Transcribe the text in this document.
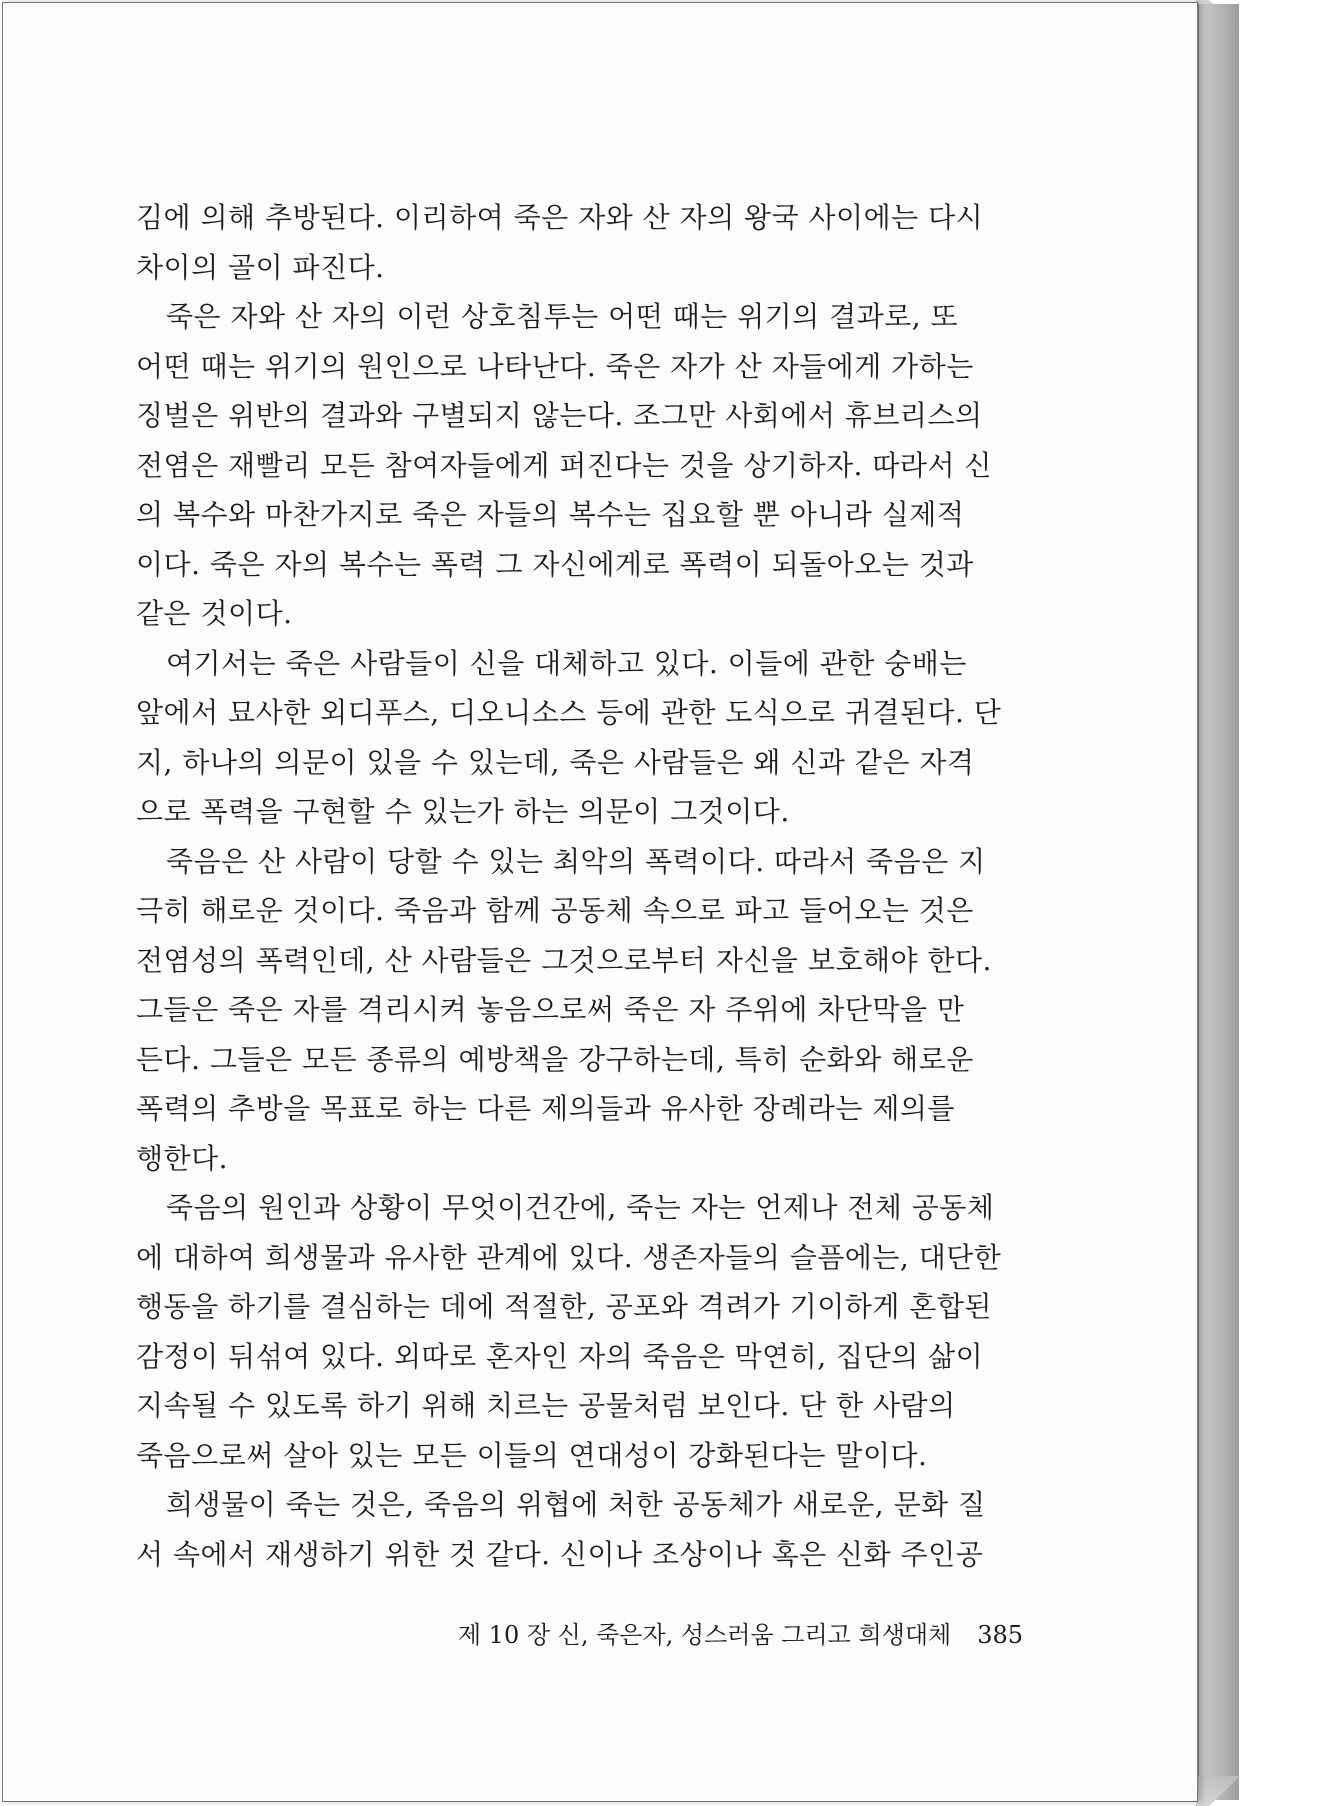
김에 의해 추방된다. 이리하여 죽은 자와 산 자의 왕국 사이에는 다시
차이의 골이 파진다.

죽은 자와 산 자의 이런 상호침투는 어떤 때는 위기의 결과로, 또
어떤 때는 위기의 원인으로 나타난다. 죽은 자가 산 자들에게 가하는
징벌은 위반의 결과와 구별되지 않는다. 조그만 사회에서 휴브리스의
전염은 재빨리 모든 참여자들에게 퍼진다는 것을 상기하자. 따라서 신
의 복수와 마찬가지로 죽은 자들의 복수는 집요할 뿐 아니라 실제적
이다. 죽은 자의 복수는 폭력 그 자신에게로 폭력이 되돌아오는 것과
같은 것이다.

여기서는 죽은 사람들이 신을 대체하고 있다. 이들에 관한 숭배는
앞에서 묘사한 외디푸스, 디오니소스 등에 관한 도식으로 귀결된다. 단
지, 하나의 의문이 있을 수 있는데, 죽은 사람들은 왜 신과 같은 자격
으로 폭력을 구현할 수 있는가 하는 의문이 그것이다.

죽음은 산 사람이 당할 수 있는 최악의 폭력이다. 따라서 죽음은 지
극히 해로운 것이다. 죽음과 함께 공동체 속으로 파고 들어오는 것은
전염성의 폭력인데, 산 사람들은 그것으로부터 자신을 보호해야 한다.
그들은 죽은 자를 격리시켜 놓음으로써 죽은 자 주위에 차단막을 만
든다. 그들은 모든 종류의 예방책을 강구하는데, 특히 순화와 해로운
폭력의 추방을 목표로 하는 다른 제의들과 유사한 장례라는 제의를
행한다.

죽음의 원인과 상황이 무엇이건간에, 죽는 자는 언제나 전체 공동체
에 대하여 희생물과 유사한 관계에 있다. 생존자들의 슬픔에는, 대단한
행동을 하기를 결심하는 데에 적절한, 공포와 격려가 기이하게 혼합된
감정이 뒤섞여 있다. 외따로 혼자인 자의 죽음은 막연히, 집단의 삶이
지속될 수 있도록 하기 위해 치르는 공물처럼 보인다. 단 한 사람의
죽음으로써 살아 있는 모든 이들의 연대성이 강화된다는 말이다.

희생물이 죽는 것은, 죽음의 위협에 처한 공동체가 새로운, 문화 질
서 속에서 재생하기 위한 것 같다. 신이나 조상이나 혹은 신화 주인공

제 10 장 신, 죽은자, 성스러움 그리고 희생대체 385
